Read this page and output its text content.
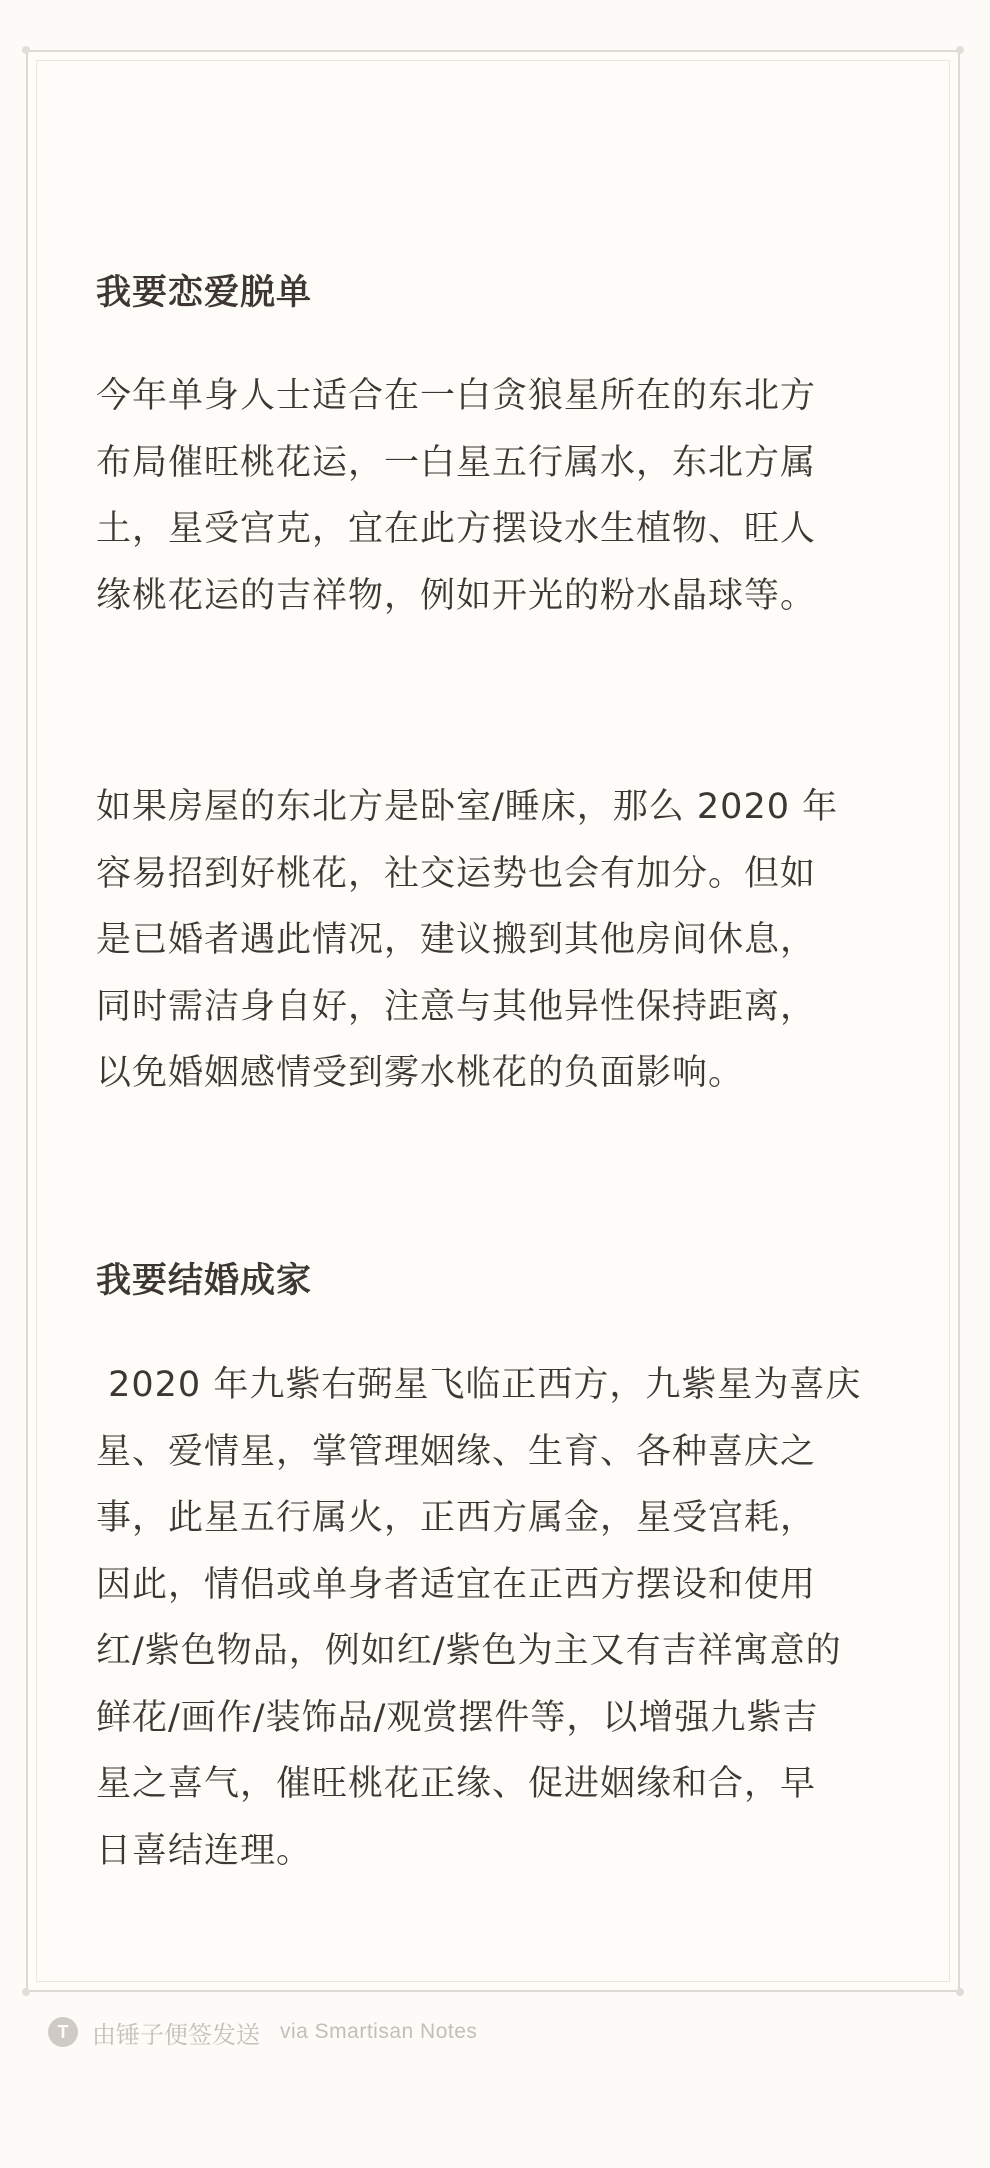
我要恋爱脱单

今年单身人士适合在一白贪狼星所在的东北方

布局催旺桃花运，一白星五行属水，东北方属

土，星受宫克，宜在此方摆设水生植物、旺人

缘桃花运的吉祥物，例如开光的粉水晶球等。

如果房屋的东北方是卧室/睡床，那么 2020 年

容易招到好桃花，社交运势也会有加分。但如

是已婚者遇此情况，建议搬到其他房间休息，

同时需洁身自好，注意与其他异性保持距离，

以免婚姻感情受到雾水桃花的负面影响。

我要结婚成家

2020 年九紫右弼星飞临正西方，九紫星为喜庆

星、爱情星，掌管理姻缘、生育、各种喜庆之

事，此星五行属火，正西方属金，星受宫耗，

因此，情侣或单身者适宜在正西方摆设和使用

红/紫色物品，例如红/紫色为主又有吉祥寓意的

鲜花/画作/装饰品/观赏摆件等，以增强九紫吉

星之喜气，催旺桃花正缘、促进姻缘和合，早

日喜结连理。

T 由锤子便签发送 via Smartisan Notes
